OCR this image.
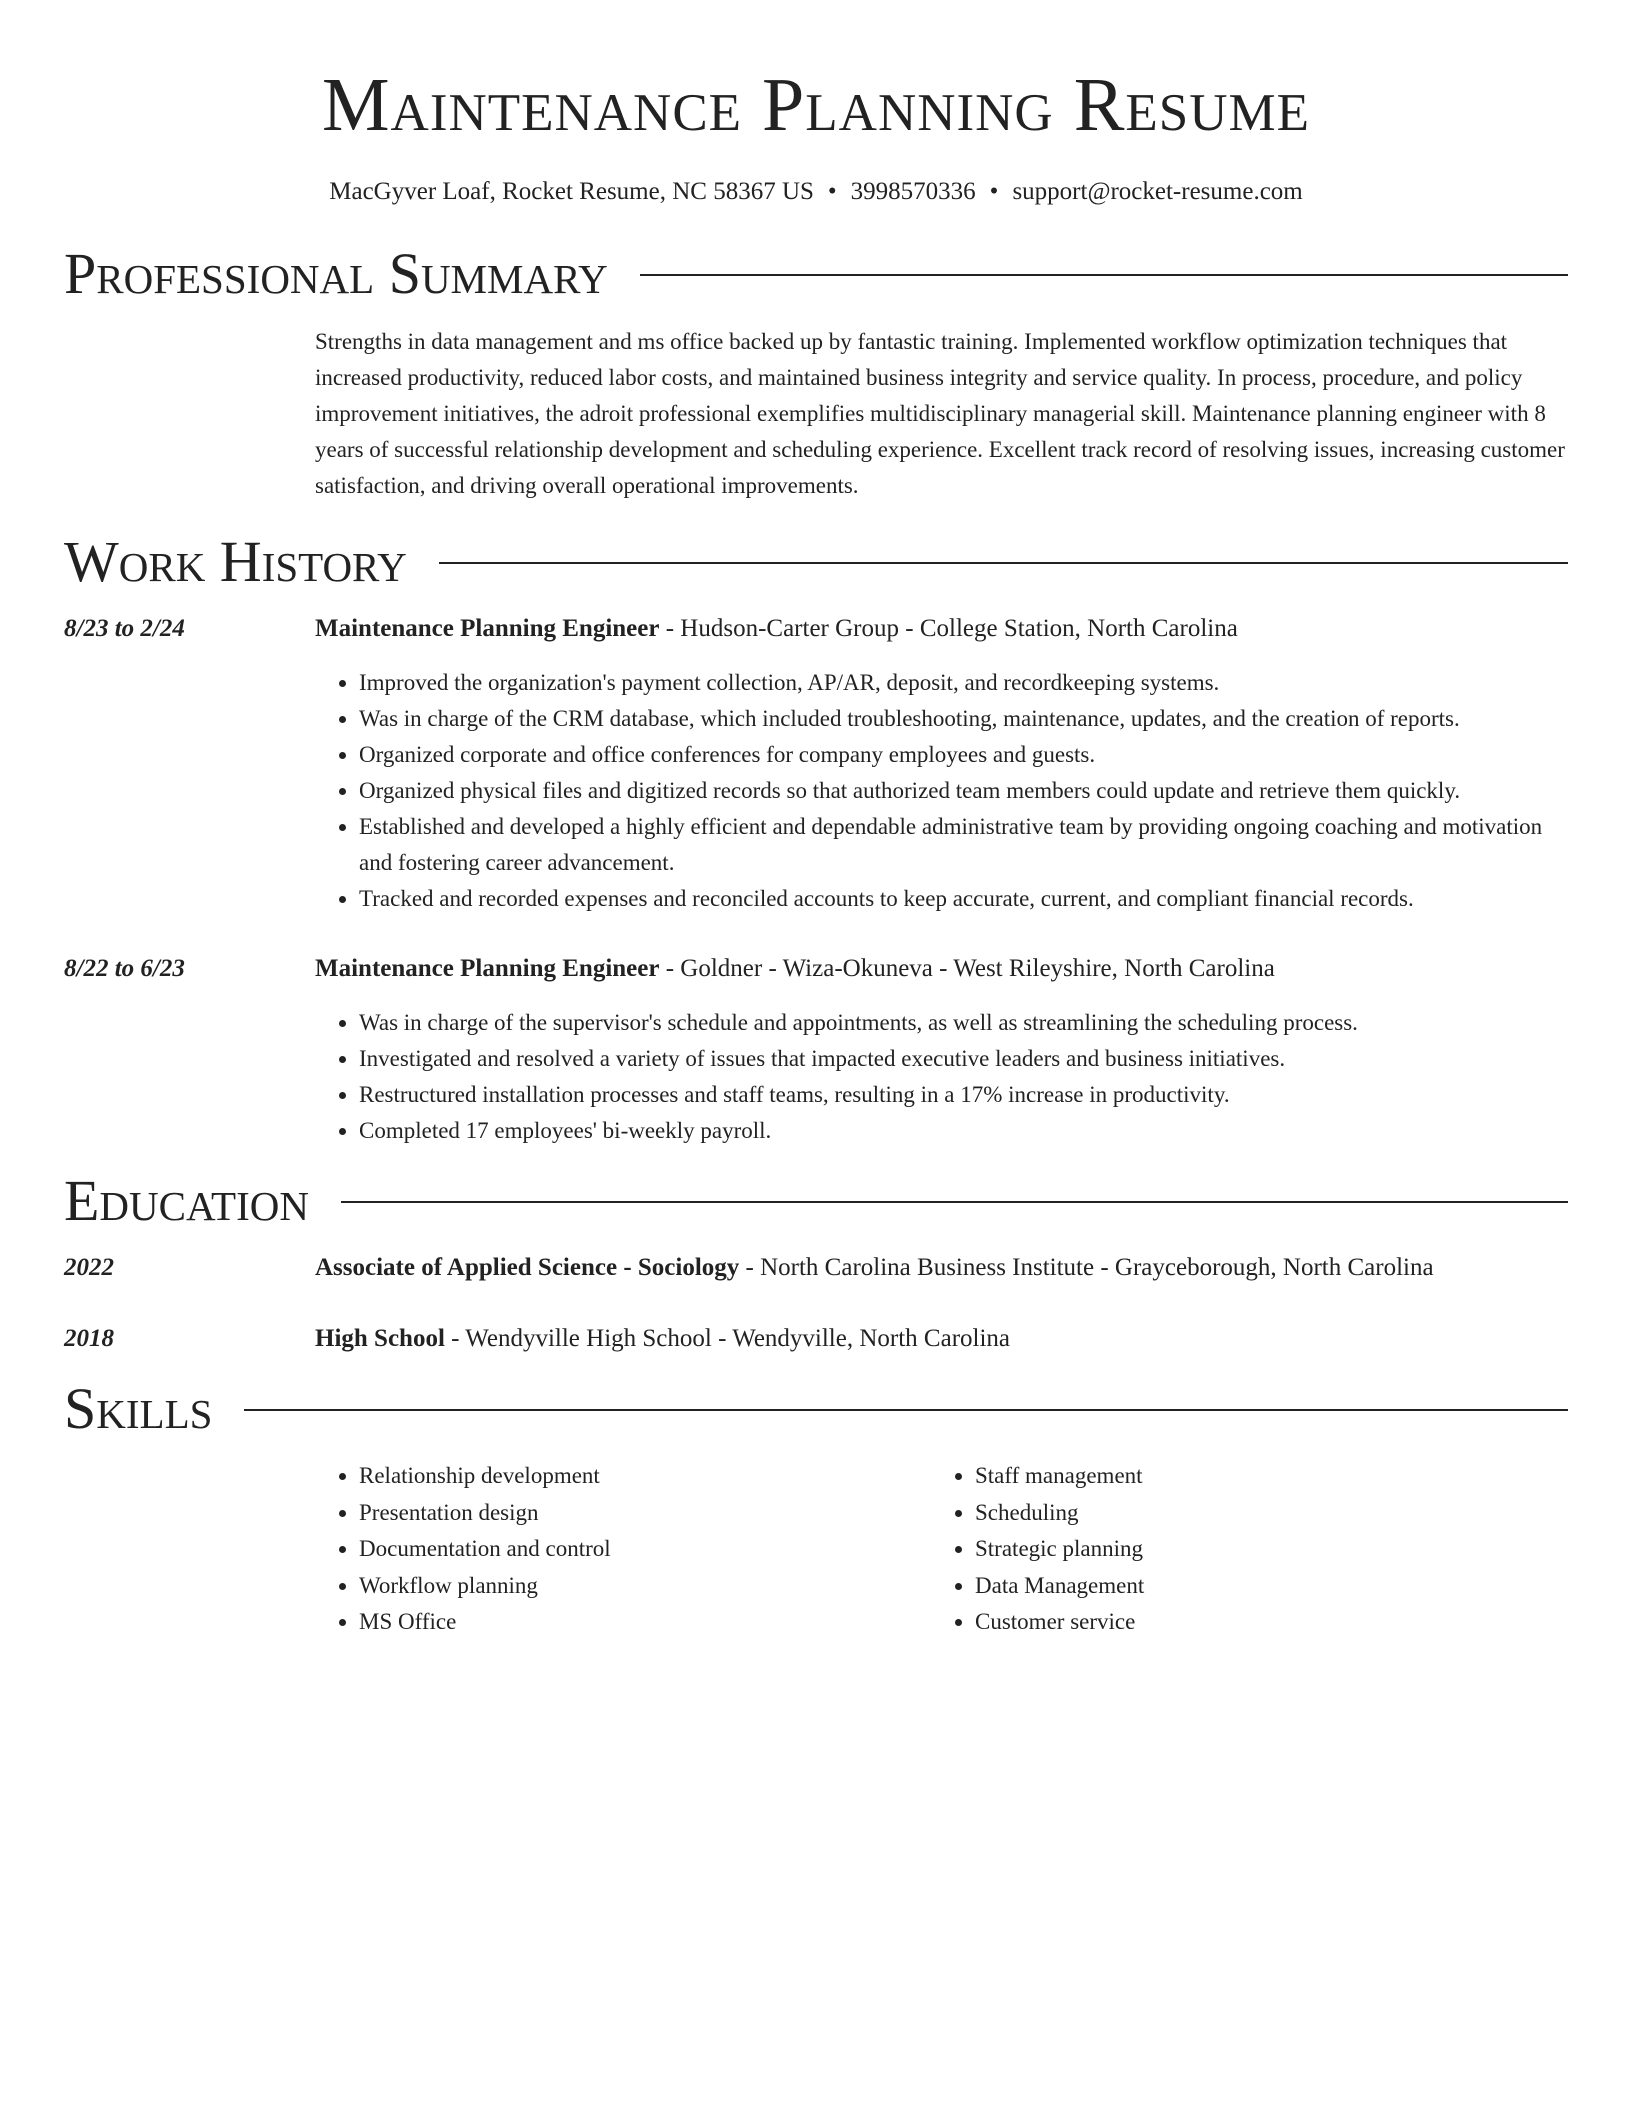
Maintenance Planning Resume
MacGyver Loaf, Rocket Resume, NC 58367 US • 3998570336 • support@rocket-resume.com
Professional Summary
Strengths in data management and ms office backed up by fantastic training. Implemented workflow optimization techniques that increased productivity, reduced labor costs, and maintained business integrity and service quality. In process, procedure, and policy improvement initiatives, the adroit professional exemplifies multidisciplinary managerial skill. Maintenance planning engineer with 8 years of successful relationship development and scheduling experience. Excellent track record of resolving issues, increasing customer satisfaction, and driving overall operational improvements.
Work History
8/23 to 2/24	Maintenance Planning Engineer - Hudson-Carter Group - College Station, North Carolina
• Improved the organization's payment collection, AP/AR, deposit, and recordkeeping systems.
• Was in charge of the CRM database, which included troubleshooting, maintenance, updates, and the creation of reports.
• Organized corporate and office conferences for company employees and guests.
• Organized physical files and digitized records so that authorized team members could update and retrieve them quickly.
• Established and developed a highly efficient and dependable administrative team by providing ongoing coaching and motivation and fostering career advancement.
• Tracked and recorded expenses and reconciled accounts to keep accurate, current, and compliant financial records.
8/22 to 6/23	Maintenance Planning Engineer - Goldner - Wiza-Okuneva - West Rileyshire, North Carolina
• Was in charge of the supervisor's schedule and appointments, as well as streamlining the scheduling process.
• Investigated and resolved a variety of issues that impacted executive leaders and business initiatives.
• Restructured installation processes and staff teams, resulting in a 17% increase in productivity.
• Completed 17 employees' bi-weekly payroll.
Education
2022	Associate of Applied Science - Sociology - North Carolina Business Institute - Grayceborough, North Carolina
2018	High School - Wendyville High School - Wendyville, North Carolina
Skills
• Relationship development
• Presentation design
• Documentation and control
• Workflow planning
• MS Office
• Staff management
• Scheduling
• Strategic planning
• Data Management
• Customer service
